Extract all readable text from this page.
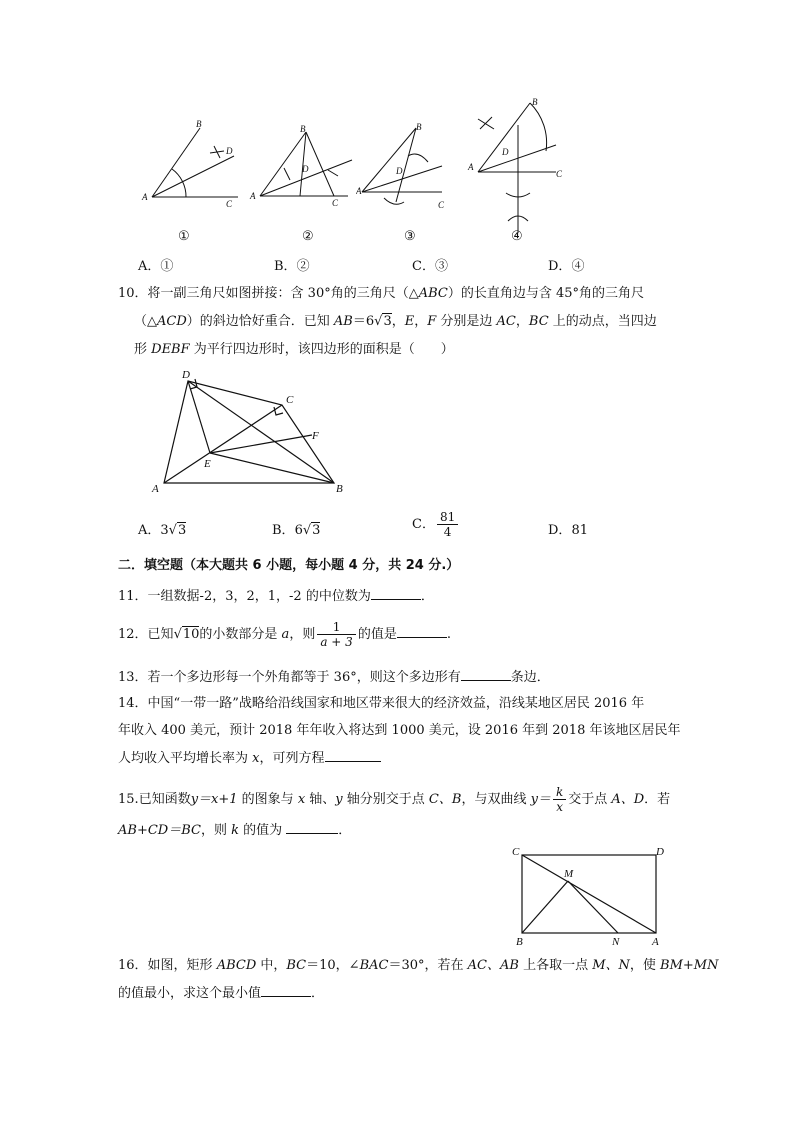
A
B
D
C
A
B
D
C
A
B
D
C
A
B
D
C
①	②	③	④
A．①	B．②	C．③	D．④
10．将一副三角尺如图拼接：含 30°角的三角尺（△ABC）的长直角边与含 45°角的三角尺
（△ACD）的斜边恰好重合．已知 AB＝6√3，E，F 分别是边 AC，BC 上的动点，当四边
形 DEBF 为平行四边形时，该四边形的面积是（　　）
A
D
C
F
E
B
A．3√3	B．6√3	C． $\frac{81}{4}$	D．81
二．填空题（本大题共 6 小题，每小题 4 分，共 24 分.）
11．一组数据-2，3，2，1，-2 的中位数为	．
12．已知√10的小数部分是 a，则 $\frac{1}{a + 3}$ 的值是	.
13．若一个多边形每一个外角都等于 36°，则这个多边形有	条边．
14．中国“一带一路”战略给沿线国家和地区带来很大的经济效益，沿线某地区居民 2016 年
年收入 400 美元，预计 2018 年年收入将达到 1000 美元，设 2016 年到 2018 年该地区居民年
人均收入平均增长率为 x，可列方程
15.已知函数y＝x+1 的图象与 x 轴、y 轴分别交于点 C、B，与双曲线 $y= \frac{k}{x}$ 交于点 A、D．若
AB+CD＝BC，则 k 的值为	．
C	D
M
B	N	A
16．如图，矩形 ABCD 中，BC＝10，∠BAC＝30°，若在 AC、AB 上各取一点 M、N，使 BM+MN
的值最小，求这个最小值	．
